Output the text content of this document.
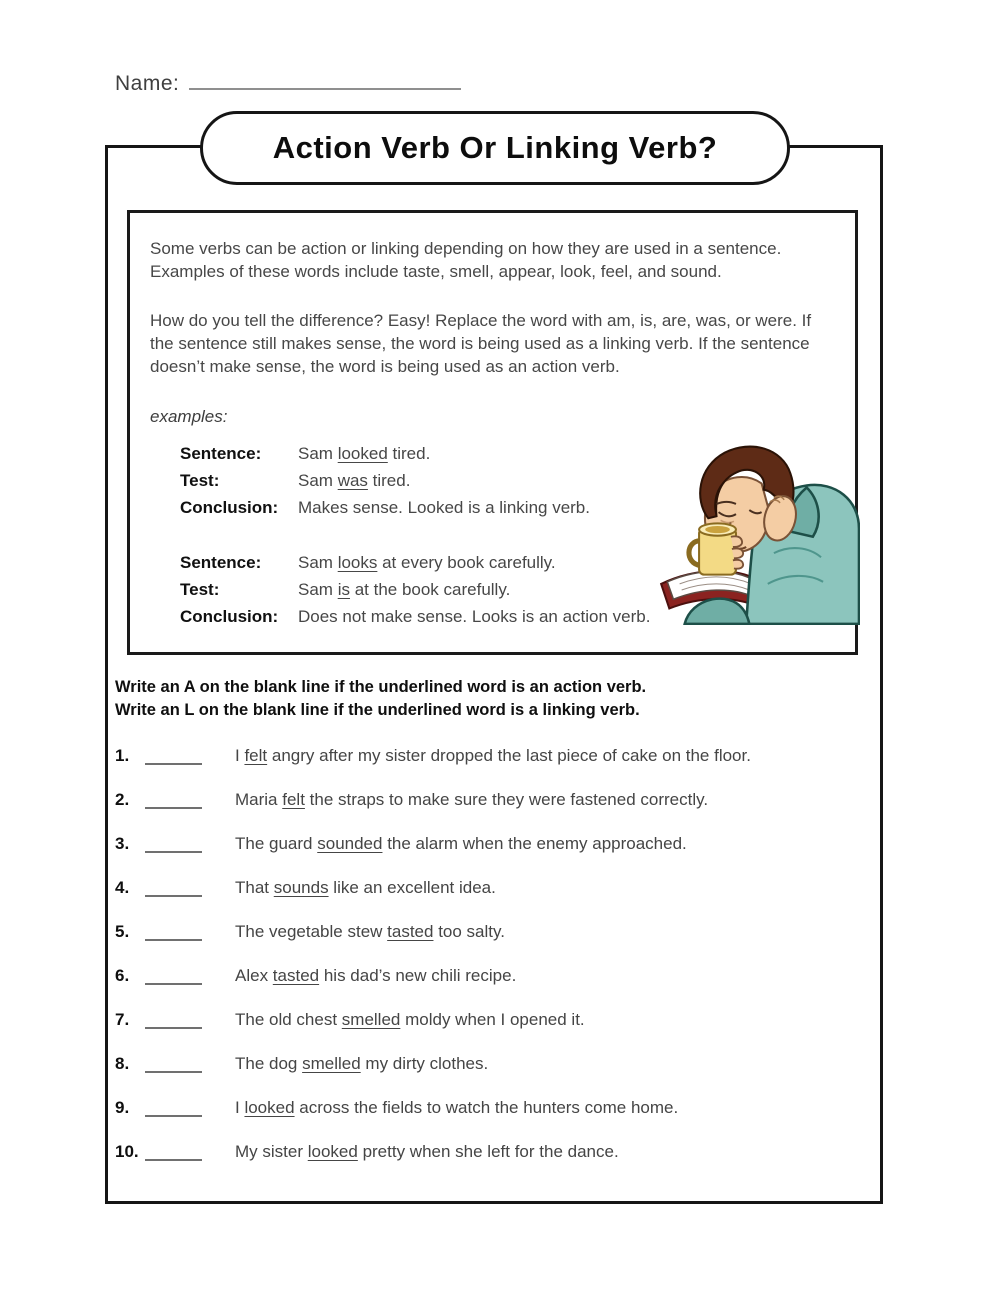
Name:
Action Verb Or Linking Verb?

Some verbs can be action or linking depending on how they are used in a sentence. Examples of these words include taste, smell, appear, look, feel, and sound.

How do you tell the difference? Easy! Replace the word with am, is, are, was, or were. If the sentence still makes sense, the word is being used as a linking verb. If the sentence doesn’t make sense, the word is being used as an action verb.

examples:

Sentence:	Sam looked tired.
Test:	Sam was tired.
Conclusion:	Makes sense. Looked is a linking verb.
Sentence:	Sam looks at every book carefully.
Test:	Sam is at the book carefully.
Conclusion:	Does not make sense. Looks is an action verb.
Write an A on the blank line if the underlined word is an action verb.
Write an L on the blank line if the underlined word is a linking verb.
1.	I felt angry after my sister dropped the last piece of cake on the floor.
2.	Maria felt the straps to make sure they were fastened correctly.
3.	The guard sounded the alarm when the enemy approached.
4.	That sounds like an excellent idea.
5.	The vegetable stew tasted too salty.
6.	Alex tasted his dad’s new chili recipe.
7.	The old chest smelled moldy when I opened it.
8.	The dog smelled my dirty clothes.
9.	I looked across the fields to watch the hunters come home.
10.	My sister looked pretty when she left for the dance.
